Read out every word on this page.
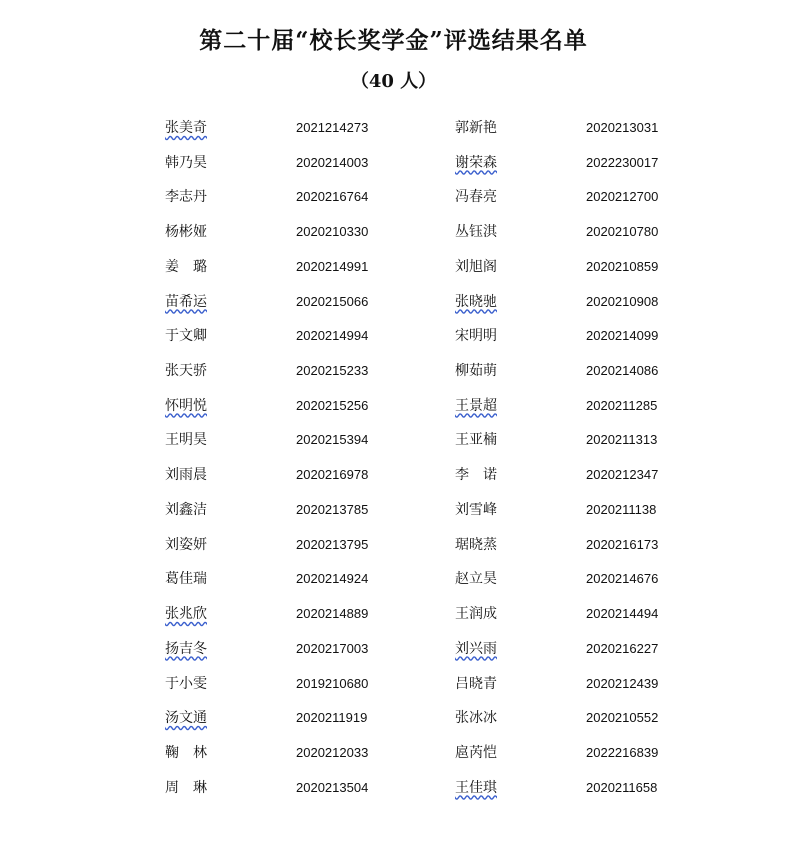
第二十届“校长奖学金”评选结果名单
（40 人）
张美奇	2021214273	郭新艳	2020213031
韩乃昊	2020214003	谢荣森	2022230017
李志丹	2020216764	冯春亮	2020212700
杨彬娅	2020210330	丛钰淇	2020210780
姜　璐	2020214991	刘旭阁	2020210859
苗希运	2020215066	张晓驰	2020210908
于文卿	2020214994	宋明明	2020214099
张天骄	2020215233	柳茹萌	2020214086
怀明悦	2020215256	王景超	2020211285
王明昊	2020215394	王亚楠	2020211313
刘雨晨	2020216978	李　诺	2020212347
刘鑫洁	2020213785	刘雪峰	2020211138
刘姿妍	2020213795	琚晓蒸	2020216173
葛佳瑞	2020214924	赵立昊	2020214676
张兆欣	2020214889	王润成	2020214494
扬吉冬	2020217003	刘兴雨	2020216227
于小雯	2019210680	吕晓青	2020212439
汤文通	2020211919	张冰冰	2020210552
鞠　林	2020212033	扈芮恺	2022216839
周　琳	2020213504	王佳琪	2020211658
